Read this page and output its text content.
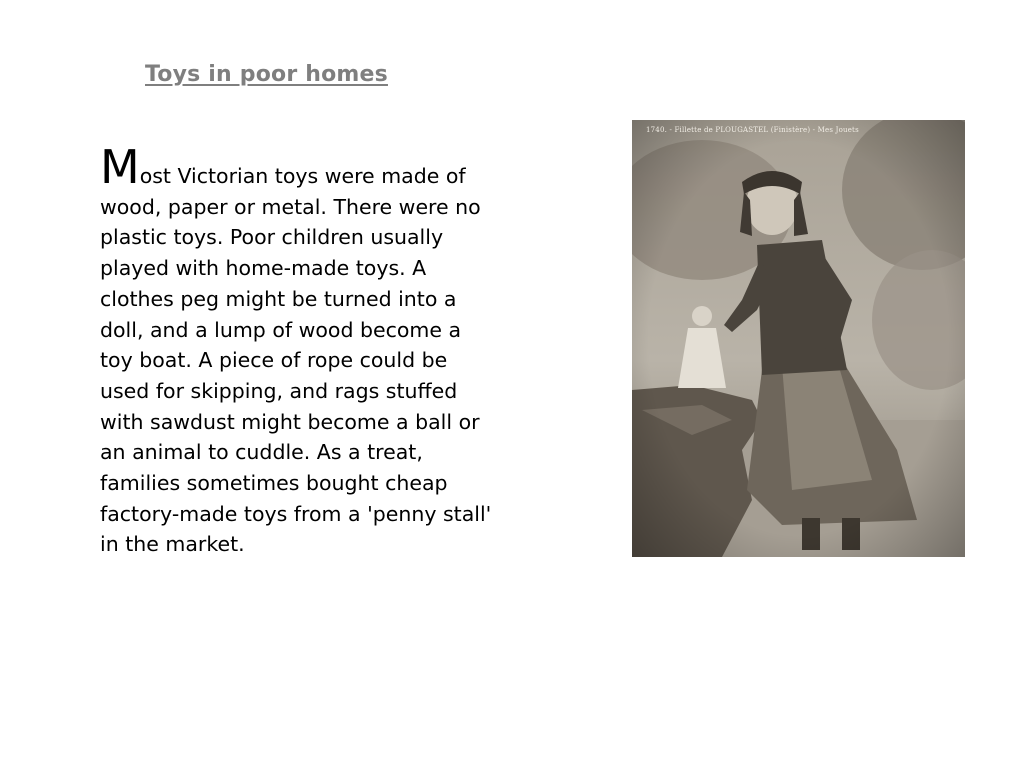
Toys in poor homes

Most Victorian toys were made of wood, paper or metal. There were no plastic toys. Poor children usually played with home-made toys. A clothes peg might be turned into a doll, and a lump of wood become a toy boat. A piece of rope could be used for skipping, and rags stuffed with sawdust might become a ball or an animal to cuddle. As a treat, families sometimes bought cheap factory-made toys from a 'penny stall' in the market.

1740. - Fillette de PLOUGASTEL (Finistère) - Mes Jouets
